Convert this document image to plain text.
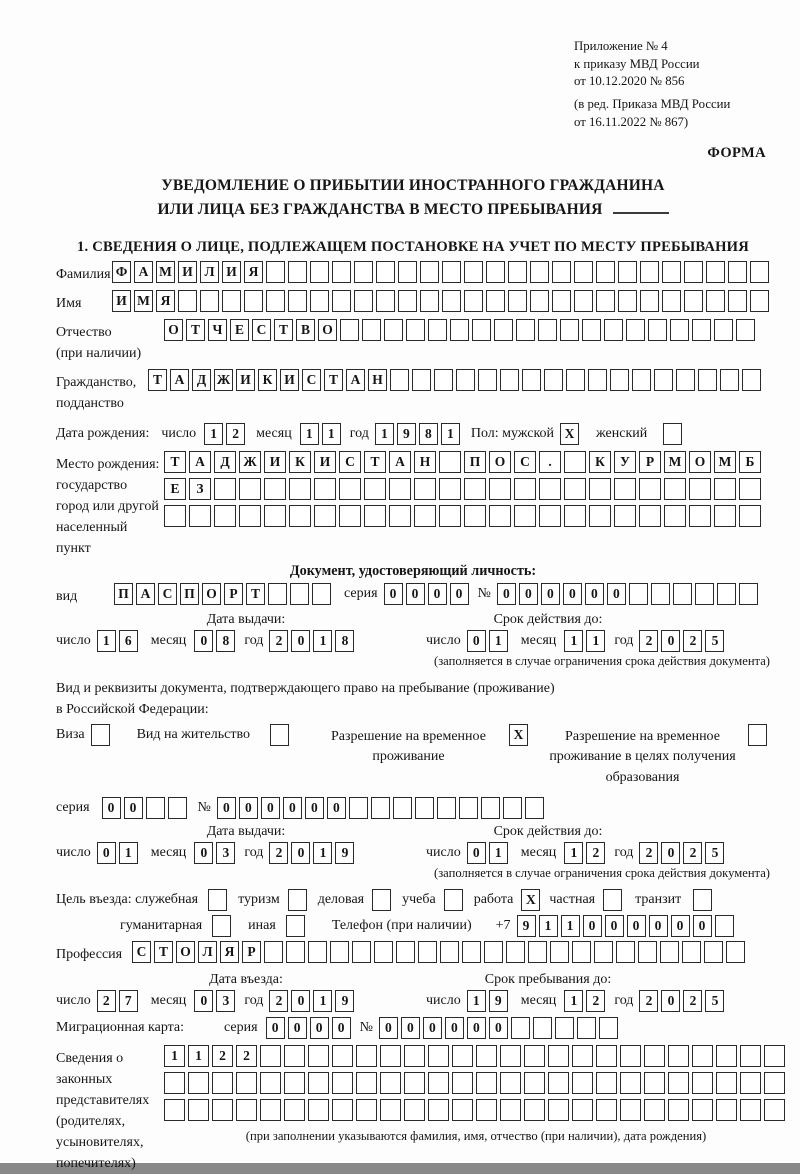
Приложение № 4
к приказу МВД России
от 10.12.2020 № 856
(в ред. Приказа МВД России
от 16.11.2022 № 867)
ФОРМА
УВЕДОМЛЕНИЕ О ПРИБЫТИИ ИНОСТРАННОГО ГРАЖДАНИНА
ИЛИ ЛИЦА БЕЗ ГРАЖДАНСТВА В МЕСТО ПРЕБЫВАНИЯ
1. СВЕДЕНИЯ О ЛИЦЕ, ПОДЛЕЖАЩЕМ ПОСТАНОВКЕ НА УЧЕТ ПО МЕСТУ ПРЕБЫВАНИЯ
Фамилия Ф А М И Л И Я
Имя	И М Я
Отчество
(при наличии)
О Т Ч Е С Т В О
Гражданство,
подданство
Т А Д Ж И К И С Т А Н
Дата рождения: число	1	2	месяц	1	1	год 1	9	8	1	Пол: мужской X	женский
Место рождения:
государство
город или другой
населенный пункт
Т	А	Д	Ж И	К	И	С	Т	А	Н	П	О	С	.	К	У	Р	М О М	Б
Е	З
Документ, удостоверяющий личность:
вид	П А С П О Р Т	серия 0	0	0	0	№ 0	0	0	0	0	0
Дата выдачи:
число 1	6	месяц	0	8	год 2	0	1	8
Срок действия до:
число 0	1	месяц	1	1	год 2	0	2	5
(заполняется в случае ограничения срока действия документа)
Вид и реквизиты документа, подтверждающего право на пребывание (проживание)
в Российской Федерации:
Виза	Вид на жительство	Разрешение на временное проживание
X	Разрешение на временное проживание в целях получения образования
серия	0	0	№ 0	0	0	0	0	0
Дата выдачи:
число 0	1	месяц	0	3	год 2	0	1	9
Срок действия до:
число 0	1	месяц	1	2	год 2	0	2	5
(заполняется в случае ограничения срока действия документа)
Цель въезда: служебная	туризм	деловая	учеба	работа X частная	транзит
гуманитарная	иная	Телефон (при наличии) +7 9	1	1	0	0	0	0	0	0
Профессия	С Т О Л Я Р
Дата въезда:
число 2	7	месяц	0	3	год 2	0	1	9
Срок пребывания до:
число 1	9	месяц	1	2	год 2	0	2	5
Миграционная карта:	серия	0	0	0	0	№ 0	0	0	0	0	0
Сведения о
законных
представителях
(родителях,
усыновителях,
попечителях)
1	1	2	2
(при заполнении указываются фамилия, имя, отчество (при наличии), дата рождения)
